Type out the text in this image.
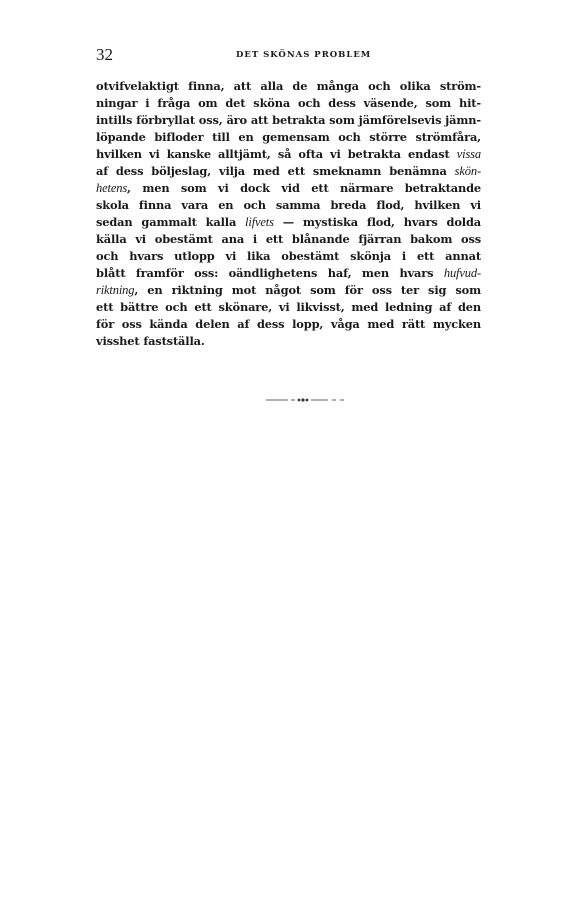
32	DET SKÖNAS PROBLEM
otvifvelaktigt finna, att alla de många och olika ström-
ningar i fråga om det sköna och dess väsende, som hit-
intills förbryllat oss, äro att betrakta som jämförelsevis jämn-
löpande bifloder till en gemensam och större strömfåra,
hvilken vi kanske alltjämt, så ofta vi betrakta endast vissa
af dess böljeslag, vilja med ett smeknamn benämna skön-
hetens, men som vi dock vid ett närmare betraktande
skola finna vara en och samma breda flod, hvilken vi
sedan gammalt kalla lifvets — mystiska flod, hvars dolda
källa vi obestämt ana i ett blånande fjärran bakom oss
och hvars utlopp vi lika obestämt skönja i ett annat
blått framför oss: oändlighetens haf, men hvars hufvud-
riktning, en riktning mot något som för oss ter sig som
ett bättre och ett skönare, vi likvisst, med ledning af den
för oss kända delen af dess lopp, våga med rätt mycken
visshet fastställa.
